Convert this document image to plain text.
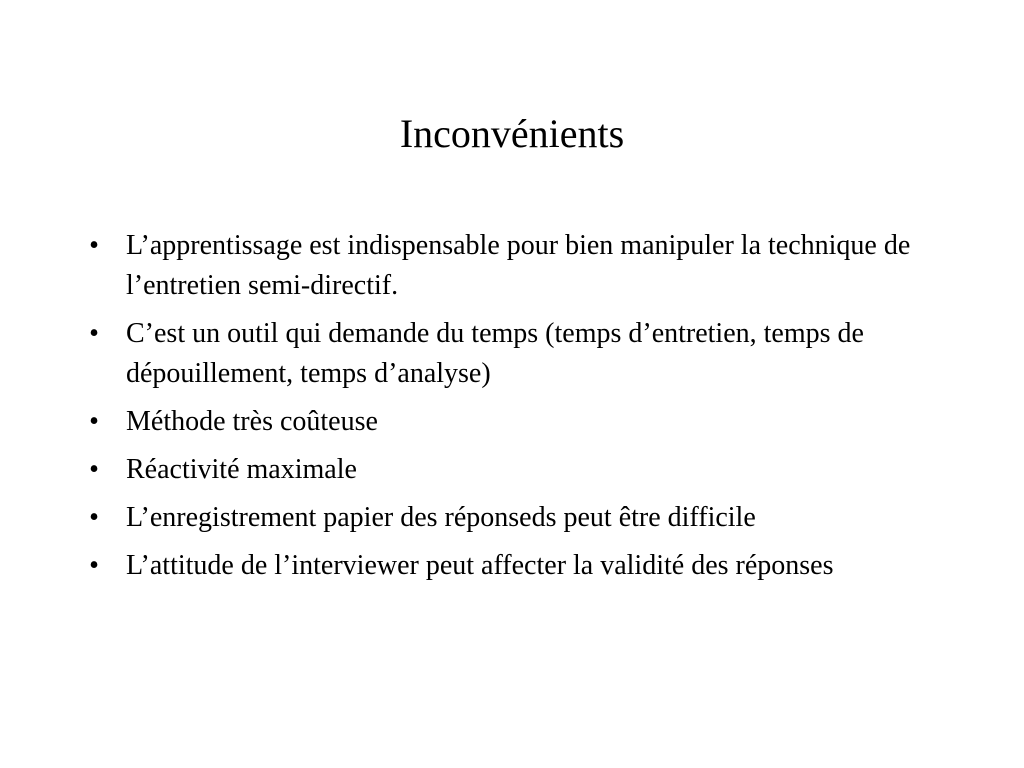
Inconvénients
• L’apprentissage est indispensable pour bien manipuler la technique de l’entretien semi-directif.
• C’est un outil qui demande du temps (temps d’entretien, temps de dépouillement, temps d’analyse)
• Méthode très coûteuse
• Réactivité maximale
• L’enregistrement papier des réponseds peut être difficile
• L’attitude de l’interviewer peut affecter la validité des réponses
